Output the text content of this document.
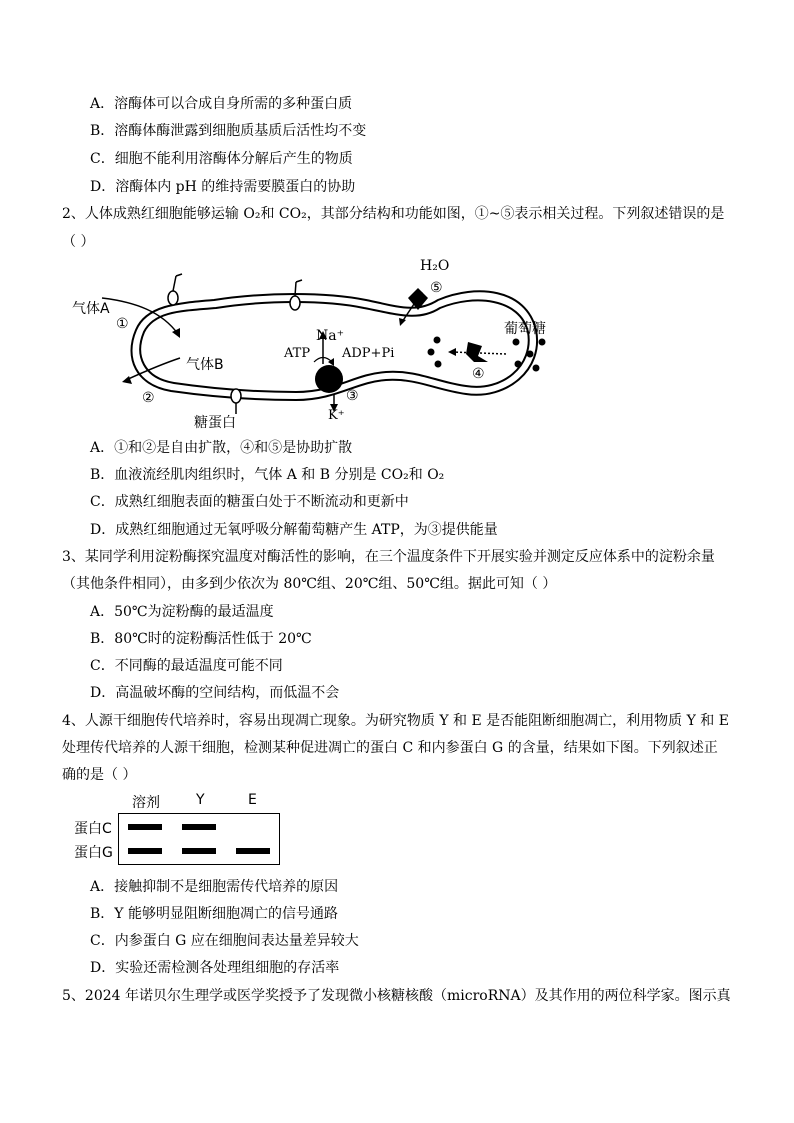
A．溶酶体可以合成自身所需的多种蛋白质
B．溶酶体酶泄露到细胞质基质后活性均不变
C．细胞不能利用溶酶体分解后产生的物质
D．溶酶体内 pH 的维持需要膜蛋白的协助
2、人体成熟红细胞能够运输 O₂和 CO₂，其部分结构和功能如图，①~⑤表示相关过程。下列叙述错误的是
（ ）
气体A
①
气体B
②
糖蛋白
Na⁺
ATP ADP+Pi
③
K⁺
H₂O
⑤
葡萄糖
④
A．①和②是自由扩散，④和⑤是协助扩散
B．血液流经肌肉组织时，气体 A 和 B 分别是 CO₂和 O₂
C．成熟红细胞表面的糖蛋白处于不断流动和更新中
D．成熟红细胞通过无氧呼吸分解葡萄糖产生 ATP，为③提供能量
3、某同学利用淀粉酶探究温度对酶活性的影响，在三个温度条件下开展实验并测定反应体系中的淀粉余量
（其他条件相同），由多到少依次为 80℃组、20℃组、50℃组。据此可知（ ）
A．50℃为淀粉酶的最适温度
B．80℃时的淀粉酶活性低于 20℃
C．不同酶的最适温度可能不同
D．高温破坏酶的空间结构，而低温不会
4、人源干细胞传代培养时，容易出现凋亡现象。为研究物质 Y 和 E 是否能阻断细胞凋亡，利用物质 Y 和 E
处理传代培养的人源干细胞，检测某种促进凋亡的蛋白 C 和内参蛋白 G 的含量，结果如下图。下列叙述正
确的是（ ）
溶剂	Y	E
蛋白C
蛋白G
A．接触抑制不是细胞需传代培养的原因
B．Y 能够明显阻断细胞凋亡的信号通路
C．内参蛋白 G 应在细胞间表达量差异较大
D．实验还需检测各处理组细胞的存活率
5、2024 年诺贝尔生理学或医学奖授予了发现微小核糖核酸（microRNA）及其作用的两位科学家。图示真
